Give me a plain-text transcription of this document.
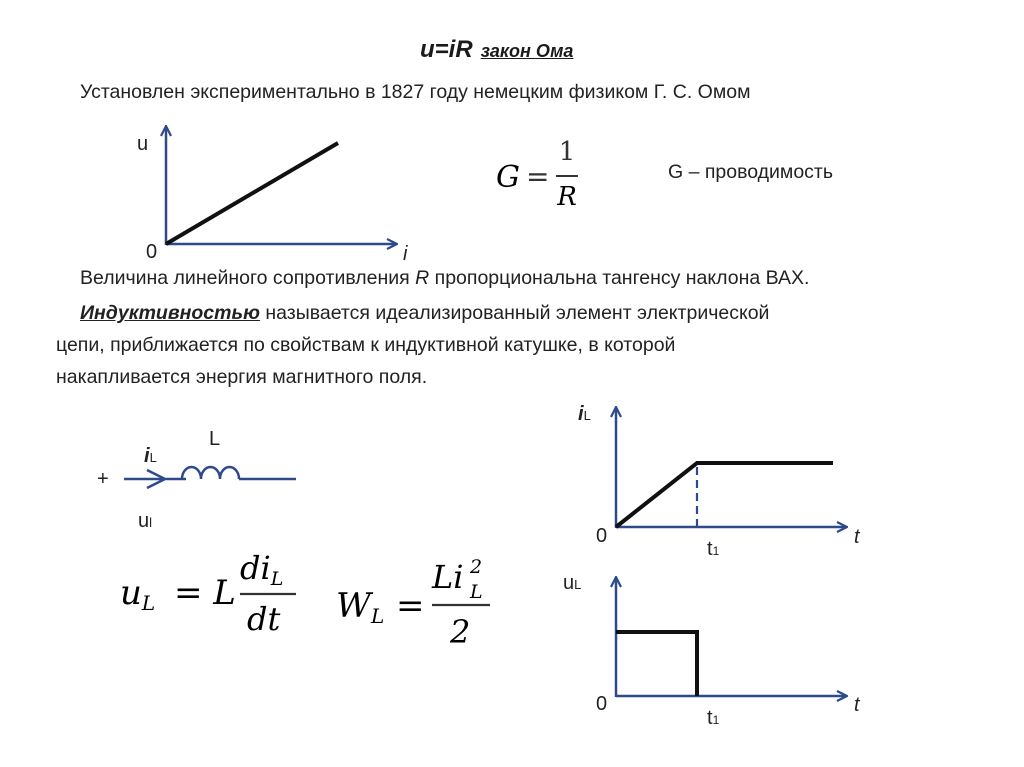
u=iR закон Ома
Установлен экспериментально в 1827 году немецким физиком Г. С. Омом
G – проводимость
Величина линейного сопротивления R пропорциональна тангенсу наклона ВАХ.
Индуктивностью называется идеализированный элемент электрической
цепи, приближается по свойствам к индуктивной катушке, в которой
накапливается энергия магнитного поля.
u
0	i
G =
1
R
iL
L
+
ul
uL = L
diL
dt WL =
Li 2
L
2
iL
0	t
t1
uL
0	t
t1
